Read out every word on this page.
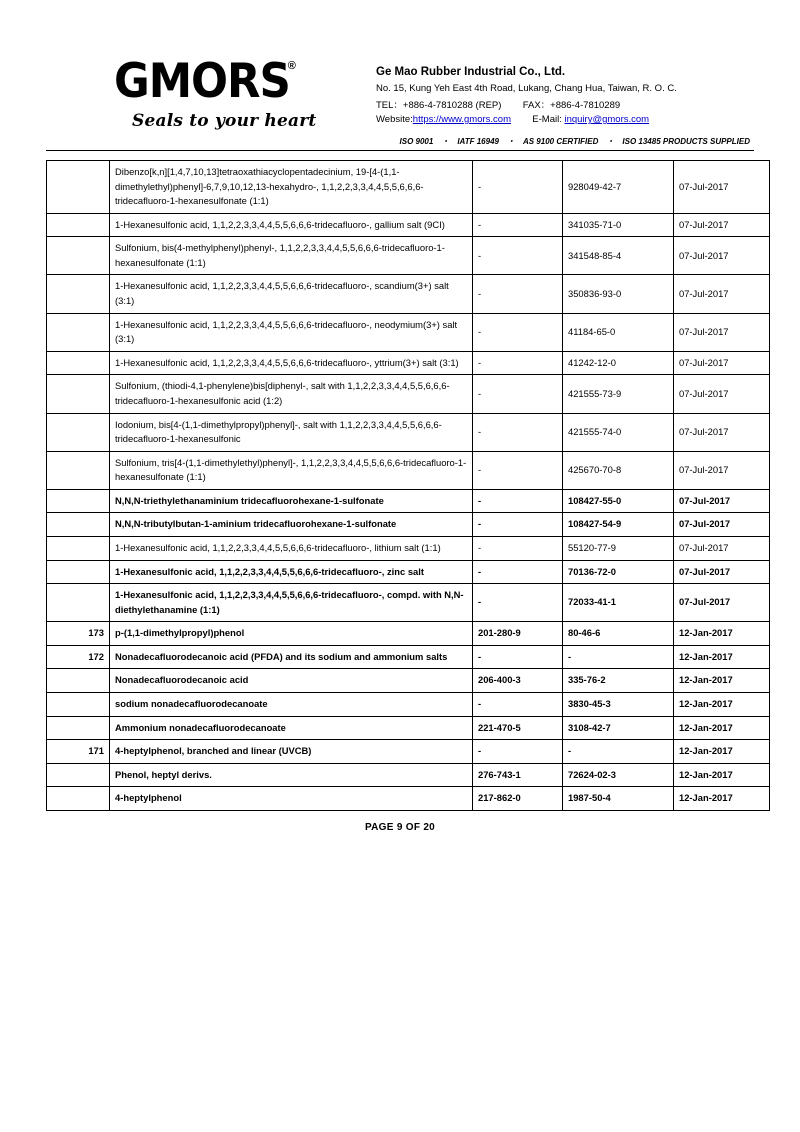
GMORS
®
Seals to your heart
Ge Mao Rubber Industrial Co., Ltd.
No. 15, Kung Yeh East 4th Road, Lukang, Chang Hua, Taiwan, R. O. C.
TEL：+886-4-7810288 (REP) FAX：+886-4-7810289
Website:https://www.gmors.com E-Mail: inquiry@gmors.com
ISO 9001　・　IATF 16949　・　AS 9100 CERTIFIED　・　ISO 13485 PRODUCTS SUPPLIED
	Dibenzo[k,n][1,4,7,10,13]tetraoxathiacyclopentadecinium, 19-[4-(1,1-dimethylethyl)phenyl]-6,7,9,10,12,13-hexahydro-, 1,1,2,2,3,3,4,4,5,5,6,6,6-tridecafluoro-1-hexanesulfonate (1:1)	-	928049-42-7	07-Jul-2017
	1-Hexanesulfonic acid, 1,1,2,2,3,3,4,4,5,5,6,6,6-tridecafluoro-, gallium salt (9CI)	-	341035-71-0	07-Jul-2017
	Sulfonium, bis(4-methylphenyl)phenyl-, 1,1,2,2,3,3,4,4,5,5,6,6,6-tridecafluoro-1-hexanesulfonate (1:1)	-	341548-85-4	07-Jul-2017
	1-Hexanesulfonic acid, 1,1,2,2,3,3,4,4,5,5,6,6,6-tridecafluoro-, scandium(3+) salt (3:1)	-	350836-93-0	07-Jul-2017
	1-Hexanesulfonic acid, 1,1,2,2,3,3,4,4,5,5,6,6,6-tridecafluoro-, neodymium(3+) salt (3:1)	-	41184-65-0	07-Jul-2017
	1-Hexanesulfonic acid, 1,1,2,2,3,3,4,4,5,5,6,6,6-tridecafluoro-, yttrium(3+) salt (3:1)	-	41242-12-0	07-Jul-2017
	Sulfonium, (thiodi-4,1-phenylene)bis[diphenyl-, salt with 1,1,2,2,3,3,4,4,5,5,6,6,6-tridecafluoro-1-hexanesulfonic acid (1:2)	-	421555-73-9	07-Jul-2017
	Iodonium, bis[4-(1,1-dimethylpropyl)phenyl]-, salt with 1,1,2,2,3,3,4,4,5,5,6,6,6-tridecafluoro-1-hexanesulfonic	-	421555-74-0	07-Jul-2017
	Sulfonium, tris[4-(1,1-dimethylethyl)phenyl]-, 1,1,2,2,3,3,4,4,5,5,6,6,6-tridecafluoro-1-hexanesulfonate (1:1)	-	425670-70-8	07-Jul-2017
	N,N,N-triethylethanaminium tridecafluorohexane-1-sulfonate	-	108427-55-0	07-Jul-2017
	N,N,N-tributylbutan-1-aminium tridecafluorohexane-1-sulfonate	-	108427-54-9	07-Jul-2017
	1-Hexanesulfonic acid, 1,1,2,2,3,3,4,4,5,5,6,6,6-tridecafluoro-, lithium salt (1:1)	-	55120-77-9	07-Jul-2017
	1-Hexanesulfonic acid, 1,1,2,2,3,3,4,4,5,5,6,6,6-tridecafluoro-, zinc salt	-	70136-72-0	07-Jul-2017
	1-Hexanesulfonic acid, 1,1,2,2,3,3,4,4,5,5,6,6,6-tridecafluoro-, compd. with N,N-diethylethanamine (1:1)	-	72033-41-1	07-Jul-2017
173	p-(1,1-dimethylpropyl)phenol	201-280-9	80-46-6	12-Jan-2017
172	Nonadecafluorodecanoic acid (PFDA) and its sodium and ammonium salts	-	-	12-Jan-2017
	Nonadecafluorodecanoic acid	206-400-3	335-76-2	12-Jan-2017
	sodium nonadecafluorodecanoate	-	3830-45-3	12-Jan-2017
	Ammonium nonadecafluorodecanoate	221-470-5	3108-42-7	12-Jan-2017
171	4-heptylphenol, branched and linear (UVCB)	-	-	12-Jan-2017
	Phenol, heptyl derivs.	276-743-1	72624-02-3	12-Jan-2017
	4-heptylphenol	217-862-0	1987-50-4	12-Jan-2017
PAGE 9 OF 20
